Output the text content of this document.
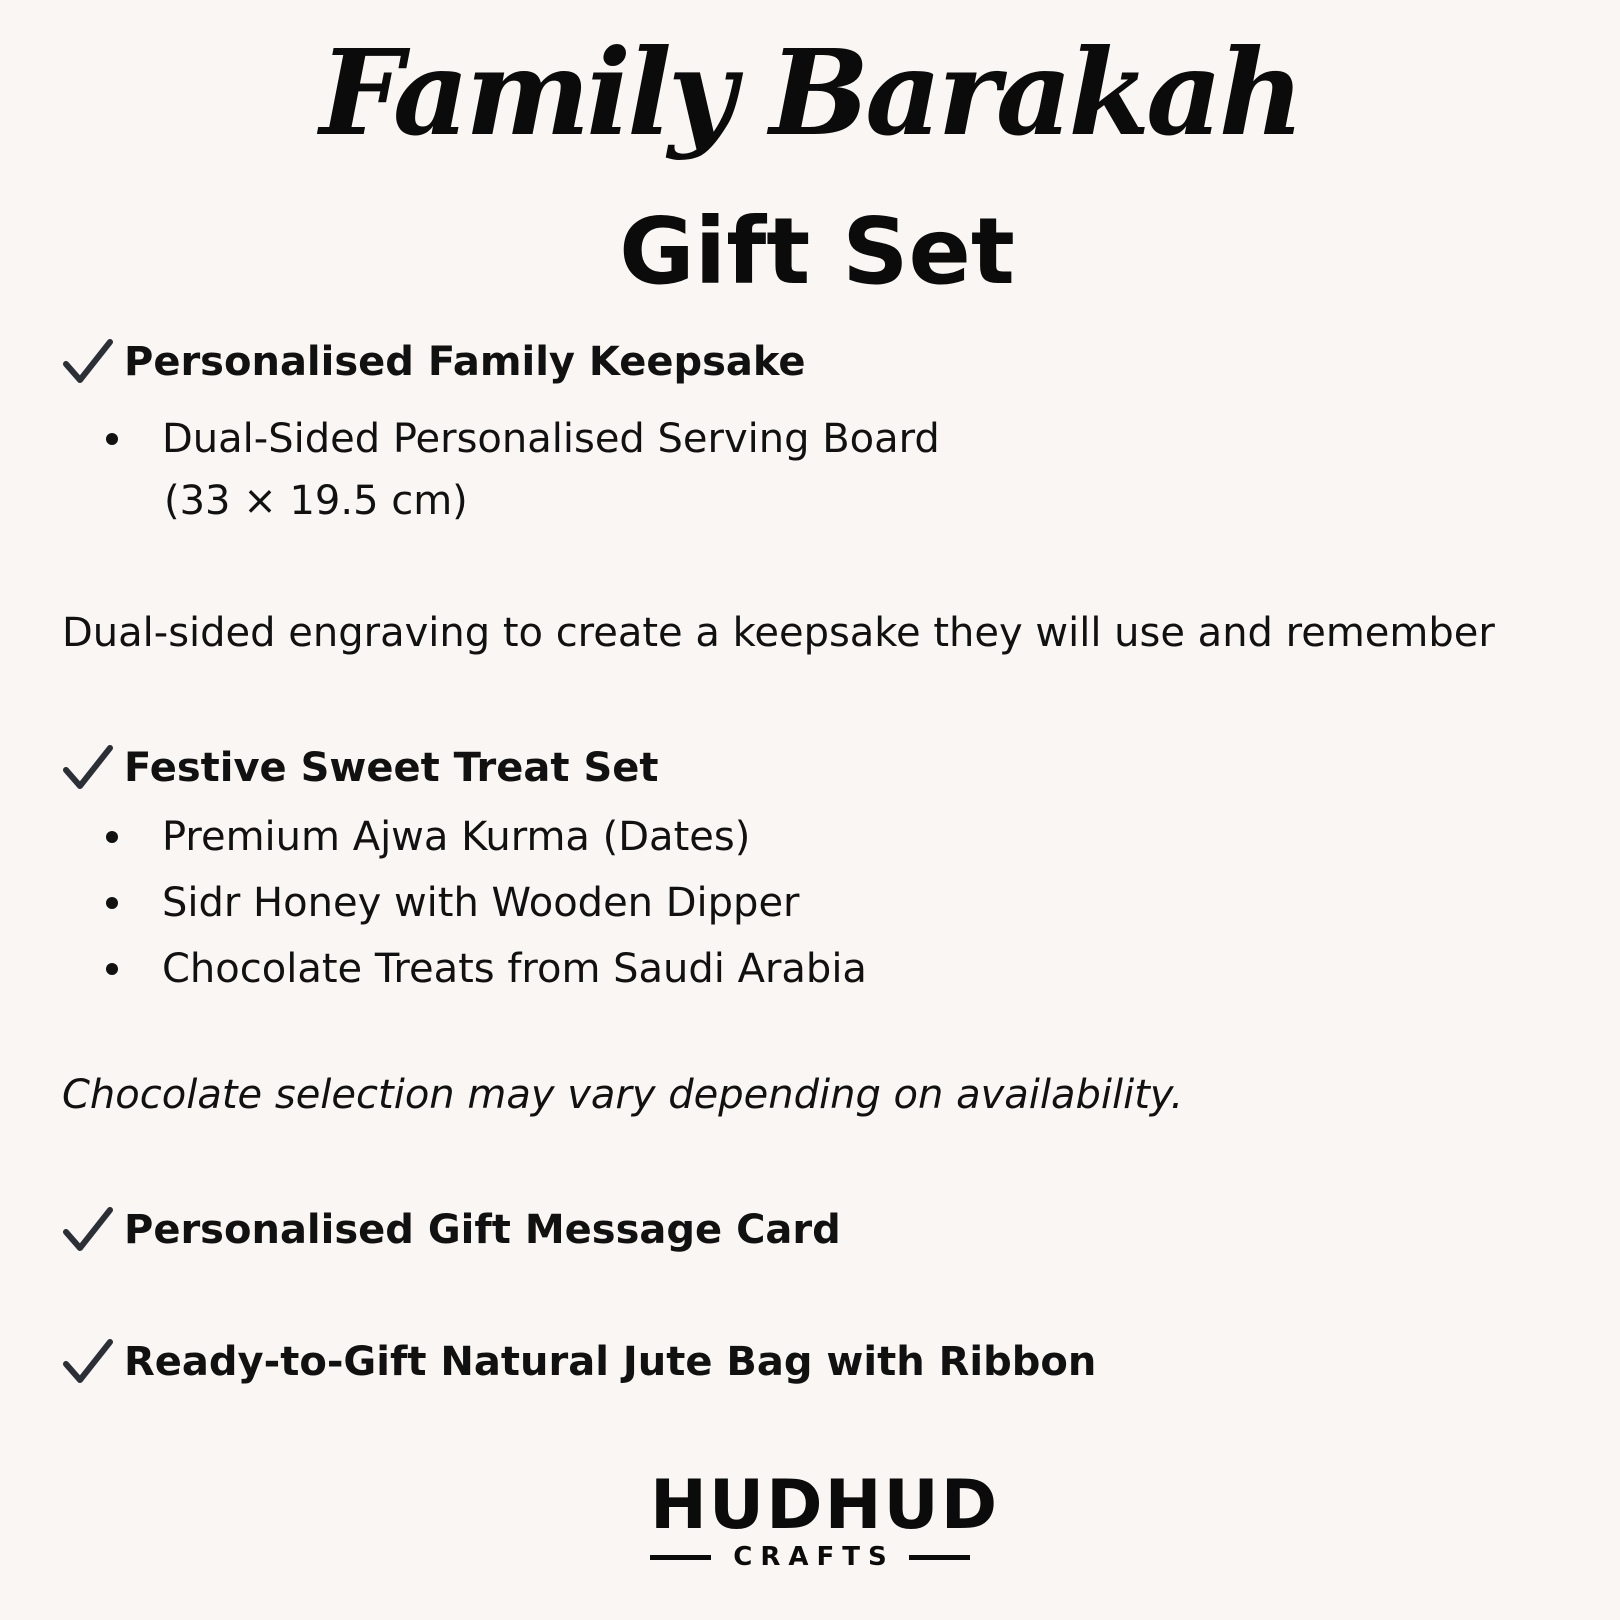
Family Barakah
Gift Set
Personalised Family Keepsake
Dual-Sided Personalised Serving Board
(33 × 19.5 cm)
Dual-sided engraving to create a keepsake they will use and remember
Festive Sweet Treat Set
Premium Ajwa Kurma (Dates)
Sidr Honey with Wooden Dipper
Chocolate Treats from Saudi Arabia
Chocolate selection may vary depending on availability.
Personalised Gift Message Card
Ready-to-Gift Natural Jute Bag with Ribbon
HUDHUD
CRAFTS
